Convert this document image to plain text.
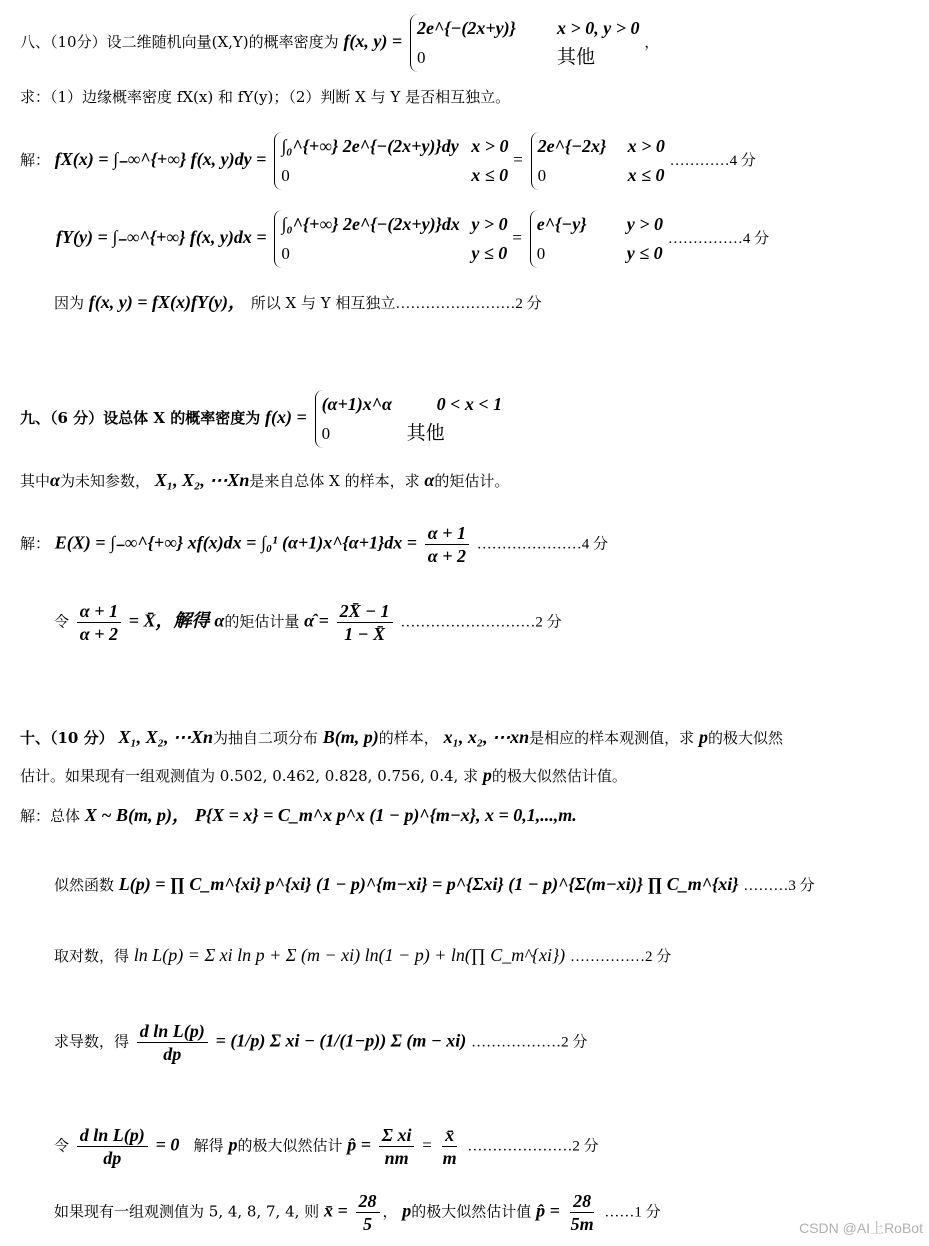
八、（10分）设二维随机向量(X,Y)的概率密度为 f(x, y) =
2e^{−(2x+y)} x > 0, y > 0
0	其他
，
求：（1）边缘概率密度 fX(x) 和 fY(y)；（2）判断 X 与 Y 是否相互独立。
解： fX(x) = ∫₋∞^{+∞} f(x, y)dy =
∫₀^{+∞} 2e^{−(2x+y)}dy x > 0
0	x ≤ 0
=
2e^{−2x} x > 0
0	x ≤ 0
…………4 分
fY(y) = ∫₋∞^{+∞} f(x, y)dx =
∫₀^{+∞} 2e^{−(2x+y)}dx y > 0
0	y ≤ 0
=
e^{−y} y > 0
0	y ≤ 0
……………4 分
因为 f(x, y) = fX(x)fY(y)， 所以 X 与 Y 相互独立……………………2 分
九、（6 分）设总体 X 的概率密度为 f(x) =
(α+1)x^α 0 < x < 1
0	其他
其中α为未知参数， X₁, X₂, ⋯Xn是来自总体 X 的样本，求 α的矩估计。
解： E(X) = ∫₋∞^{+∞} xf(x)dx = ∫₀¹ (α+1)x^{α+1}dx = $\frac{\alpha + 1}{\alpha + 2}$ …………………4 分
令 $\frac{\alpha + 1}{\alpha + 2}$ = X̄，解得 α的矩估计量 α̂ = $\frac{2X̄ - 1}{1 - X̄}$ ………………………2 分
十、（10 分） X₁, X₂, ⋯Xn为抽自二项分布 B(m, p)的样本， x₁, x₂, ⋯xn是相应的样本观测值，求 p的极大似然
估计。如果现有一组观测值为 0.502, 0.462, 0.828, 0.756, 0.4, 求 p的极大似然估计值。
解：总体 X ~ B(m, p)， P{X = x} = C_m^x p^x (1 − p)^{m−x}, x = 0,1,...,m.
似然函数 L(p) = ∏ C_m^{xi} p^{xi} (1 − p)^{m−xi} = p^{Σxi} (1 − p)^{Σ(m−xi)} ∏ C_m^{xi} ………3 分
取对数，得 ln L(p) = Σ xi ln p + Σ (m − xi) ln(1 − p) + ln(∏ C_m^{xi}) ……………2 分
求导数，得 $\frac{\text{d ln L(p)}}{dp} = (1/p)$ Σ xi − (1/(1−p)) Σ (m − xi) ………………2 分
令 $\frac{\text{d ln L(p)}}{dp} = 0$ 解得 p的极大似然估计 p̂ = $\frac{\text{Σ xi}}{nm} = \frac{x̄}{m}$ …………………2 分
如果现有一组观测值为 5, 4, 8, 7, 4, 则 x̄ = $\frac{28}{5}$ ， p的极大似然估计值 p̂ = $\frac{28}{5m}$ ……1 分
CSDN @AI上RoBot
